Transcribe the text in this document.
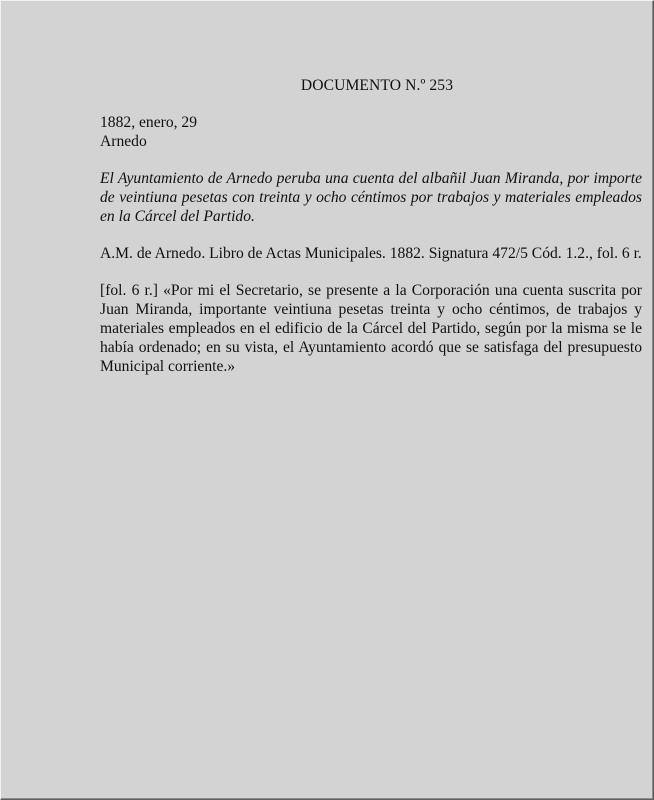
DOCUMENTO N.º 253

1882, enero, 29

Arnedo

El Ayuntamiento de Arnedo peruba una cuenta del albañil Juan Miranda, por importe de veintiuna pesetas con treinta y ocho céntimos por trabajos y materiales empleados en la Cárcel del Partido.

A.M. de Arnedo. Libro de Actas Municipales. 1882. Signatura 472/5 Cód. 1.2., fol. 6 r.

[fol. 6 r.] «Por mi el Secretario, se presente a la Corporación una cuenta suscrita por Juan Miranda, importante veintiuna pesetas treinta y ocho céntimos, de trabajos y materiales empleados en el edificio de la Cárcel del Partido, según por la misma se le había ordenado; en su vista, el Ayuntamiento acordó que se satisfaga del presupuesto Municipal corriente.»
